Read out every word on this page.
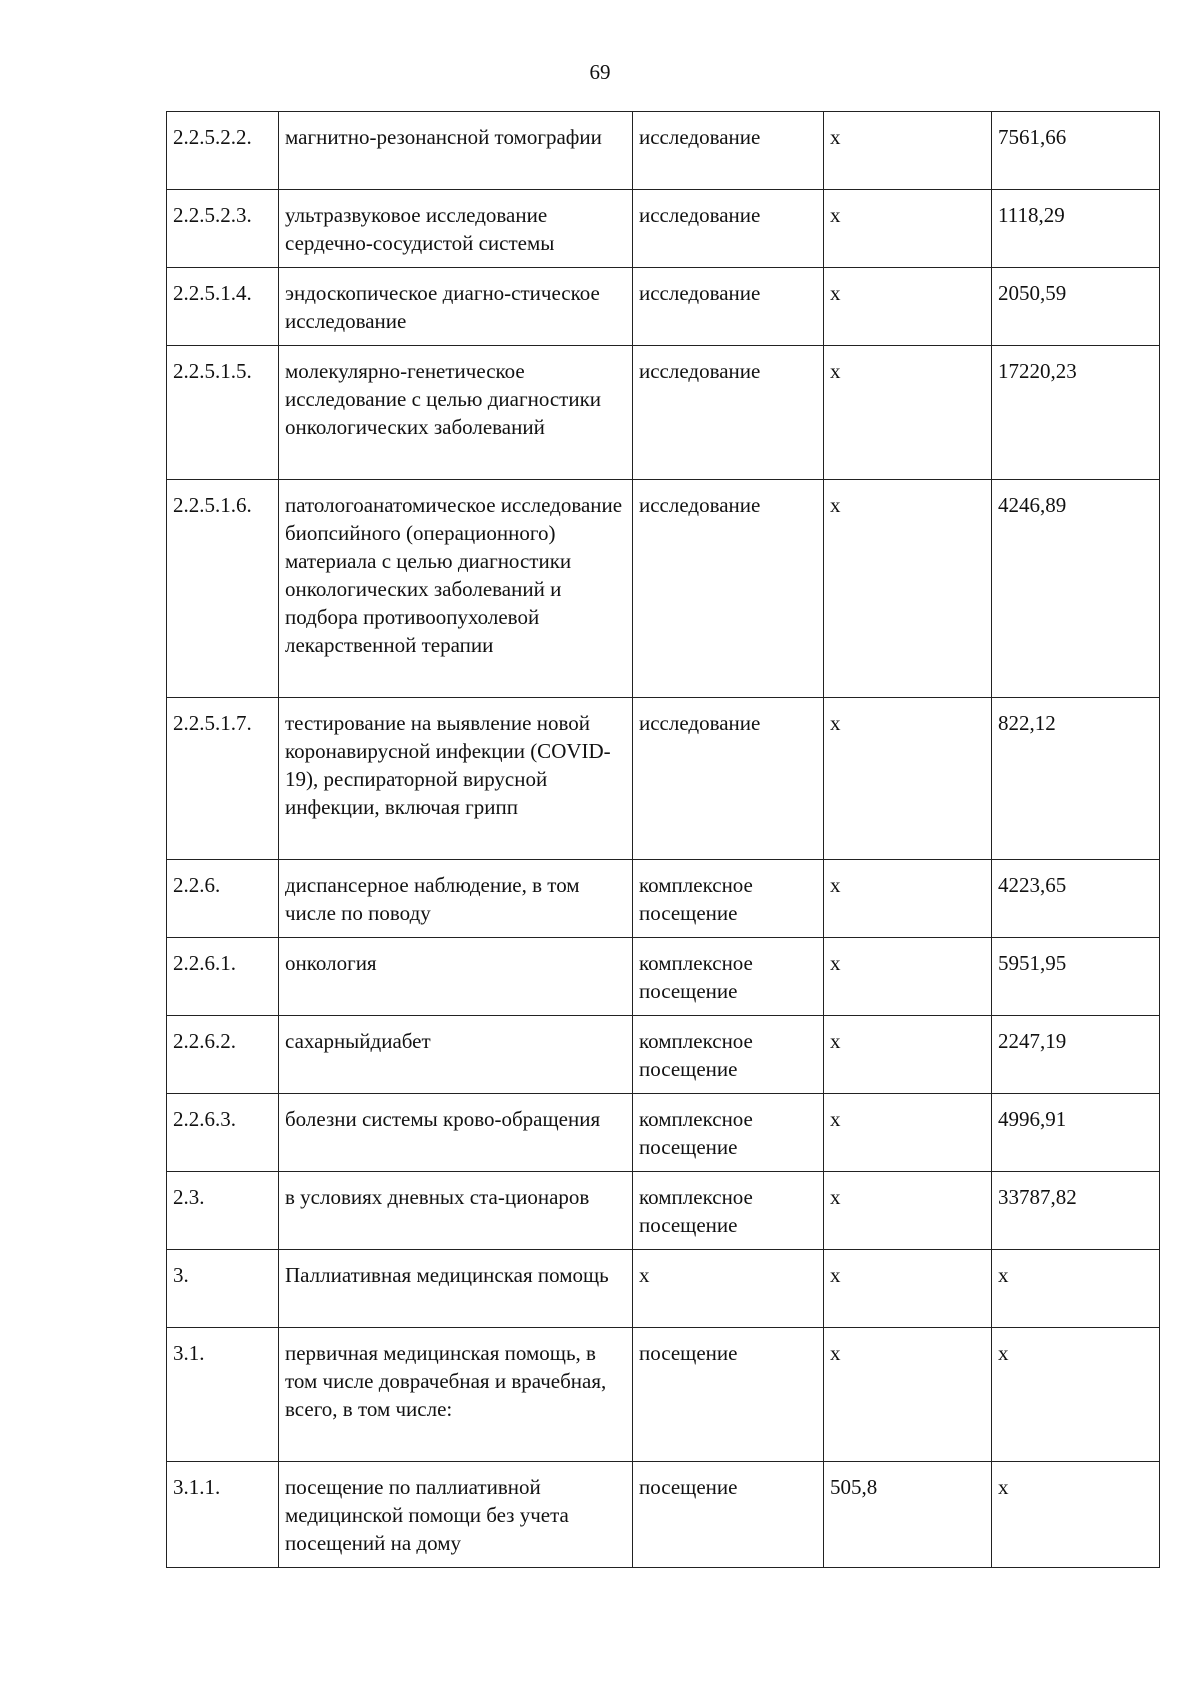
69
2.2.5.2.2.	магнитно-резонансной томографии	исследование	х	7561,66
2.2.5.2.3.	ультразвуковое исследование сердечно-сосудистой системы	исследование	х	1118,29
2.2.5.1.4.	эндоскопическое диагно-стическое исследование	исследование	х	2050,59
2.2.5.1.5.	молекулярно-генетическое исследование с целью диагностики онкологических заболеваний	исследование	х	17220,23
2.2.5.1.6.	патологоанатомическое исследование биопсийного (операционного) материала с целью диагностики онкологических заболеваний и подбора противоопухолевой лекарственной терапии	исследование	х	4246,89
2.2.5.1.7.	тестирование на выявление новой коронавирусной инфекции (COVID-19), респираторной вирусной инфекции, включая грипп	исследование	х	822,12
2.2.6.	диспансерное наблюдение, в том числе по поводу	комплексное посещение	х	4223,65
2.2.6.1.	онкология	комплексное посещение	х	5951,95
2.2.6.2.	сахарныйдиабет	комплексное посещение	х	2247,19
2.2.6.3.	болезни системы крово-обращения	комплексное посещение	х	4996,91
2.3.	в условиях дневных ста-ционаров	комплексное посещение	х	33787,82
3.	Паллиативная медицинская помощь	х	х	х
3.1.	первичная медицинская помощь, в том числе доврачебная и врачебная, всего, в том числе:	посещение	х	х
3.1.1.	посещение по паллиативной медицинской помощи без учета посещений на дому	посещение	505,8	х
